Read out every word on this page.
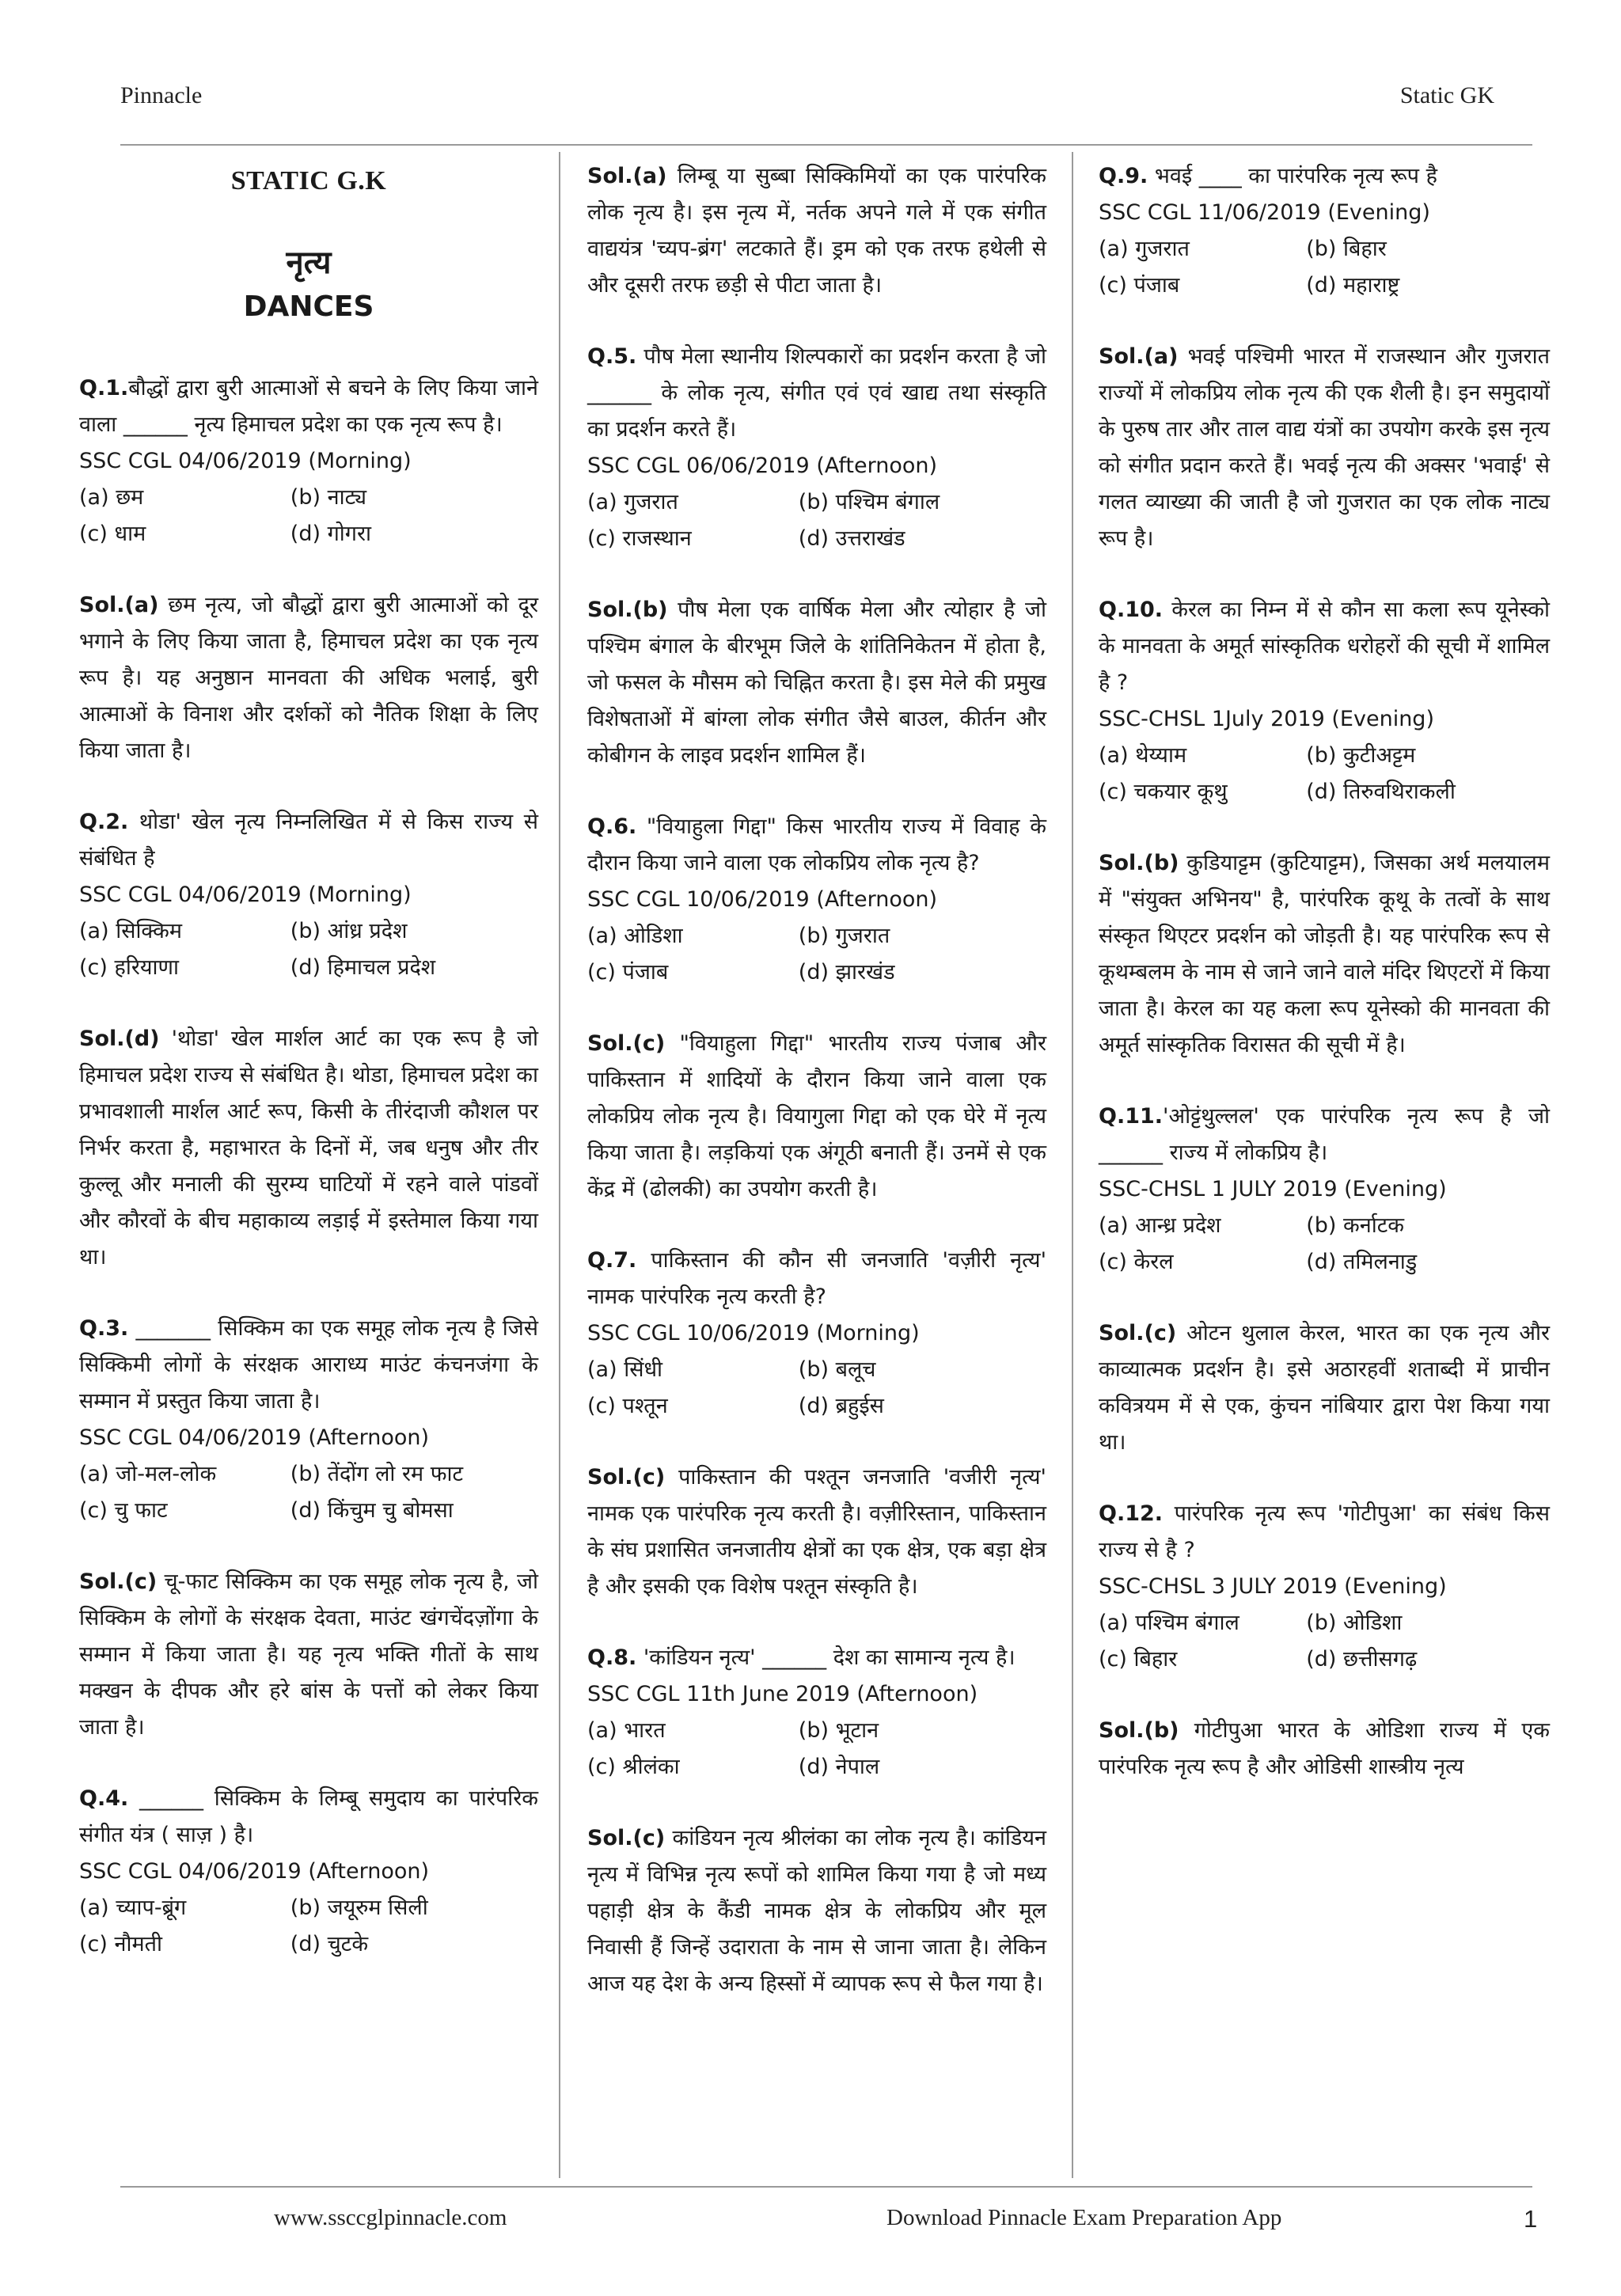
Pinnacle	Static GK
STATIC G.K
नृत्य
DANCES

Q.1.बौद्धों द्वारा बुरी आत्माओं से बचने के लिए किया जाने वाला ______ नृत्य हिमाचल प्रदेश का एक नृत्य रूप है।

SSC CGL 04/06/2019 (Morning)

(a) छम	(b) नाट्य
(c) धाम	(d) गोगरा

Sol.(a) छम नृत्य, जो बौद्धों द्वारा बुरी आत्माओं को दूर भगाने के लिए किया जाता है, हिमाचल प्रदेश का एक नृत्य रूप है। यह अनुष्ठान मानवता की अधिक भलाई, बुरी आत्माओं के विनाश और दर्शकों को नैतिक शिक्षा के लिए किया जाता है।

Q.2. थोडा' खेल नृत्य निम्नलिखित में से किस राज्य से संबंधित है

SSC CGL 04/06/2019 (Morning)

(a) सिक्किम	(b) आंध्र प्रदेश
(c) हरियाणा	(d) हिमाचल प्रदेश

Sol.(d) 'थोडा' खेल मार्शल आर्ट का एक रूप है जो हिमाचल प्रदेश राज्य से संबंधित है। थोडा, हिमाचल प्रदेश का प्रभावशाली मार्शल आर्ट रूप, किसी के तीरंदाजी कौशल पर निर्भर करता है, महाभारत के दिनों में, जब धनुष और तीर कुल्लू और मनाली की सुरम्य घाटियों में रहने वाले पांडवों और कौरवों के बीच महाकाव्य लड़ाई में इस्तेमाल किया गया था।

Q.3. _______ सिक्किम का एक समूह लोक नृत्य है जिसे सिक्किमी लोगों के संरक्षक आराध्य माउंट कंचनजंगा के सम्मान में प्रस्तुत किया जाता है।

SSC CGL 04/06/2019 (Afternoon)

(a) जो-मल-लोक	(b) तेंदोंग लो रम फाट
(c) चु फाट	(d) किंचुम चु बोमसा

Sol.(c) चू-फाट सिक्किम का एक समूह लोक नृत्य है, जो सिक्किम के लोगों के संरक्षक देवता, माउंट खंगचेंदज़ोंगा के सम्मान में किया जाता है। यह नृत्य भक्ति गीतों के साथ मक्खन के दीपक और हरे बांस के पत्तों को लेकर किया जाता है।

Q.4. ______ सिक्किम के लिम्बू समुदाय का पारंपरिक संगीत यंत्र ( साज़ ) है।

SSC CGL 04/06/2019 (Afternoon)

(a) च्याप-ब्रूंग	(b) जयूरुम सिली
(c) नौमती	(d) चुटके

Sol.(a) लिम्बू या सुब्बा सिक्किमियों का एक पारंपरिक लोक नृत्य है। इस नृत्य में, नर्तक अपने गले में एक संगीत वाद्ययंत्र 'च्यप-ब्रंग' लटकाते हैं। ड्रम को एक तरफ हथेली से और दूसरी तरफ छड़ी से पीटा जाता है।

Q.5. पौष मेला स्थानीय शिल्पकारों का प्रदर्शन करता है जो ______ के लोक नृत्य, संगीत एवं एवं खाद्य तथा संस्कृति का प्रदर्शन करते हैं।

SSC CGL 06/06/2019 (Afternoon)

(a) गुजरात	(b) पश्चिम बंगाल
(c) राजस्थान	(d) उत्तराखंड

Sol.(b) पौष मेला एक वार्षिक मेला और त्योहार है जो पश्चिम बंगाल के बीरभूम जिले के शांतिनिकेतन में होता है, जो फसल के मौसम को चिह्नित करता है। इस मेले की प्रमुख विशेषताओं में बांग्ला लोक संगीत जैसे बाउल, कीर्तन और कोबीगन के लाइव प्रदर्शन शामिल हैं।

Q.6. "वियाहुला गिद्दा" किस भारतीय राज्य में विवाह के दौरान किया जाने वाला एक लोकप्रिय लोक नृत्य है?

SSC CGL 10/06/2019 (Afternoon)

(a) ओडिशा	(b) गुजरात
(c) पंजाब	(d) झारखंड

Sol.(c) "वियाहुला गिद्दा" भारतीय राज्य पंजाब और पाकिस्तान में शादियों के दौरान किया जाने वाला एक लोकप्रिय लोक नृत्य है। वियागुला गिद्दा को एक घेरे में नृत्य किया जाता है। लड़कियां एक अंगूठी बनाती हैं। उनमें से एक केंद्र में (ढोलकी) का उपयोग करती है।

Q.7. पाकिस्तान की कौन सी जनजाति 'वज़ीरी नृत्य' नामक पारंपरिक नृत्य करती है?

SSC CGL 10/06/2019 (Morning)

(a) सिंधी	(b) बलूच
(c) पश्तून	(d) ब्रहुईस

Sol.(c) पाकिस्तान की पश्तून जनजाति 'वजीरी नृत्य' नामक एक पारंपरिक नृत्य करती है। वज़ीरिस्तान, पाकिस्तान के संघ प्रशासित जनजातीय क्षेत्रों का एक क्षेत्र, एक बड़ा क्षेत्र है और इसकी एक विशेष पश्तून संस्कृति है।

Q.8. 'कांडियन नृत्य' ______ देश का सामान्य नृत्य है।

SSC CGL 11th June 2019 (Afternoon)

(a) भारत	(b) भूटान
(c) श्रीलंका	(d) नेपाल

Sol.(c) कांडियन नृत्य श्रीलंका का लोक नृत्य है। कांडियन नृत्य में विभिन्न नृत्य रूपों को शामिल किया गया है जो मध्य पहाड़ी क्षेत्र के कैंडी नामक क्षेत्र के लोकप्रिय और मूल निवासी हैं जिन्हें उदाराता के नाम से जाना जाता है। लेकिन आज यह देश के अन्य हिस्सों में व्यापक रूप से फैल गया है।

Q.9. भवई ____ का पारंपरिक नृत्य रूप है

SSC CGL 11/06/2019 (Evening)

(a) गुजरात	(b) बिहार
(c) पंजाब	(d) महाराष्ट्र

Sol.(a) भवई पश्चिमी भारत में राजस्थान और गुजरात राज्यों में लोकप्रिय लोक नृत्य की एक शैली है। इन समुदायों के पुरुष तार और ताल वाद्य यंत्रों का उपयोग करके इस नृत्य को संगीत प्रदान करते हैं। भवई नृत्य की अक्सर 'भवाई' से गलत व्याख्या की जाती है जो गुजरात का एक लोक नाट्य रूप है।

Q.10. केरल का निम्न में से कौन सा कला रूप यूनेस्को के मानवता के अमूर्त सांस्कृतिक धरोहरों की सूची में शामिल है ?

SSC-CHSL 1July 2019 (Evening)

(a) थेय्याम	(b) कुटीअट्टम
(c) चकयार कूथु	(d) तिरुवथिराकली

Sol.(b) कुडियाट्टम (कुटियाट्टम), जिसका अर्थ मलयालम में "संयुक्त अभिनय" है, पारंपरिक कूथू के तत्वों के साथ संस्कृत थिएटर प्रदर्शन को जोड़ती है। यह पारंपरिक रूप से कूथम्बलम के नाम से जाने जाने वाले मंदिर थिएटरों में किया जाता है। केरल का यह कला रूप यूनेस्को की मानवता की अमूर्त सांस्कृतिक विरासत की सूची में है।

Q.11.'ओट्टंथुल्लल' एक पारंपरिक नृत्य रूप है जो ______ राज्य में लोकप्रिय है।

SSC-CHSL 1 JULY 2019 (Evening)

(a) आन्ध्र प्रदेश	(b) कर्नाटक
(c) केरल	(d) तमिलनाडु

Sol.(c) ओटन थुलाल केरल, भारत का एक नृत्य और काव्यात्मक प्रदर्शन है। इसे अठारहवीं शताब्दी में प्राचीन कवित्रयम में से एक, कुंचन नांबियार द्वारा पेश किया गया था।

Q.12. पारंपरिक नृत्य रूप 'गोटीपुआ' का संबंध किस राज्य से है ?

SSC-CHSL 3 JULY 2019 (Evening)

(a) पश्चिम बंगाल	(b) ओडिशा
(c) बिहार	(d) छत्तीसगढ़

Sol.(b) गोटीपुआ भारत के ओडिशा राज्य में एक पारंपरिक नृत्य रूप है और ओडिसी शास्त्रीय नृत्य

www.ssccglpinnacle.com	Download Pinnacle Exam Preparation App	1
